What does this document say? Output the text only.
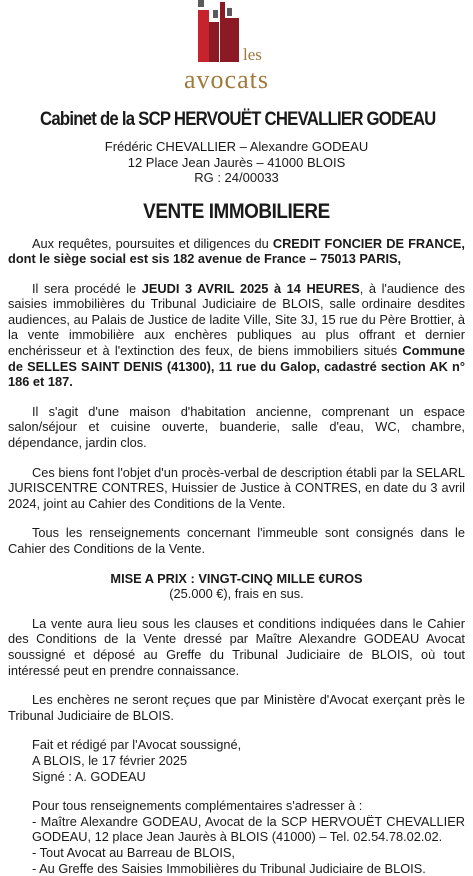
les
avocats
Cabinet de la SCP HERVOUËT CHEVALLIER GODEAU
Frédéric CHEVALLIER – Alexandre GODEAU
12 Place Jean Jaurès – 41000 BLOIS
RG : 24/00033
VENTE IMMOBILIERE

Aux requêtes, poursuites et diligences du CREDIT FONCIER DE FRANCE, dont le siège social est sis 182 avenue de France – 75013 PARIS,

Il sera procédé le JEUDI 3 AVRIL 2025 à 14 HEURES, à l'audience des saisies immobilières du Tribunal Judiciaire de BLOIS, salle ordinaire desdites audiences, au Palais de Justice de ladite Ville, Site 3J, 15 rue du Père Brottier, à la vente immobilière aux enchères publiques au plus offrant et dernier enchérisseur et à l'extinction des feux, de biens immobiliers situés Commune de SELLES SAINT DENIS (41300), 11 rue du Galop, cadastré section AK n° 186 et 187.

Il s'agit d'une maison d'habitation ancienne, comprenant un espace salon/séjour et cuisine ouverte, buanderie, salle d'eau, WC, chambre, dépendance, jardin clos.

Ces biens font l'objet d'un procès-verbal de description établi par la SELARL JURISCENTRE CONTRES, Huissier de Justice à CONTRES, en date du 3 avril 2024, joint au Cahier des Conditions de la Vente.

Tous les renseignements concernant l'immeuble sont consignés dans le Cahier des Conditions de la Vente.

MISE A PRIX : VINGT-CINQ MILLE €UROS
(25.000 €), frais en sus.

La vente aura lieu sous les clauses et conditions indiquées dans le Cahier des Conditions de la Vente dressé par Maître Alexandre GODEAU Avocat soussigné et déposé au Greffe du Tribunal Judiciaire de BLOIS, où tout intéressé peut en prendre connaissance.

Les enchères ne seront reçues que par Ministère d'Avocat exerçant près le Tribunal Judiciaire de BLOIS.

Fait et rédigé par l'Avocat soussigné,
A BLOIS, le 17 février 2025
Signé : A. GODEAU
Pour tous renseignements complémentaires s'adresser à :
- Maître Alexandre GODEAU, Avocat de la SCP HERVOUËT CHEVALLIER GODEAU, 12 place Jean Jaurès à BLOIS (41000) – Tel. 02.54.78.02.02.
- Tout Avocat au Barreau de BLOIS,
- Au Greffe des Saisies Immobilières du Tribunal Judiciaire de BLOIS.
